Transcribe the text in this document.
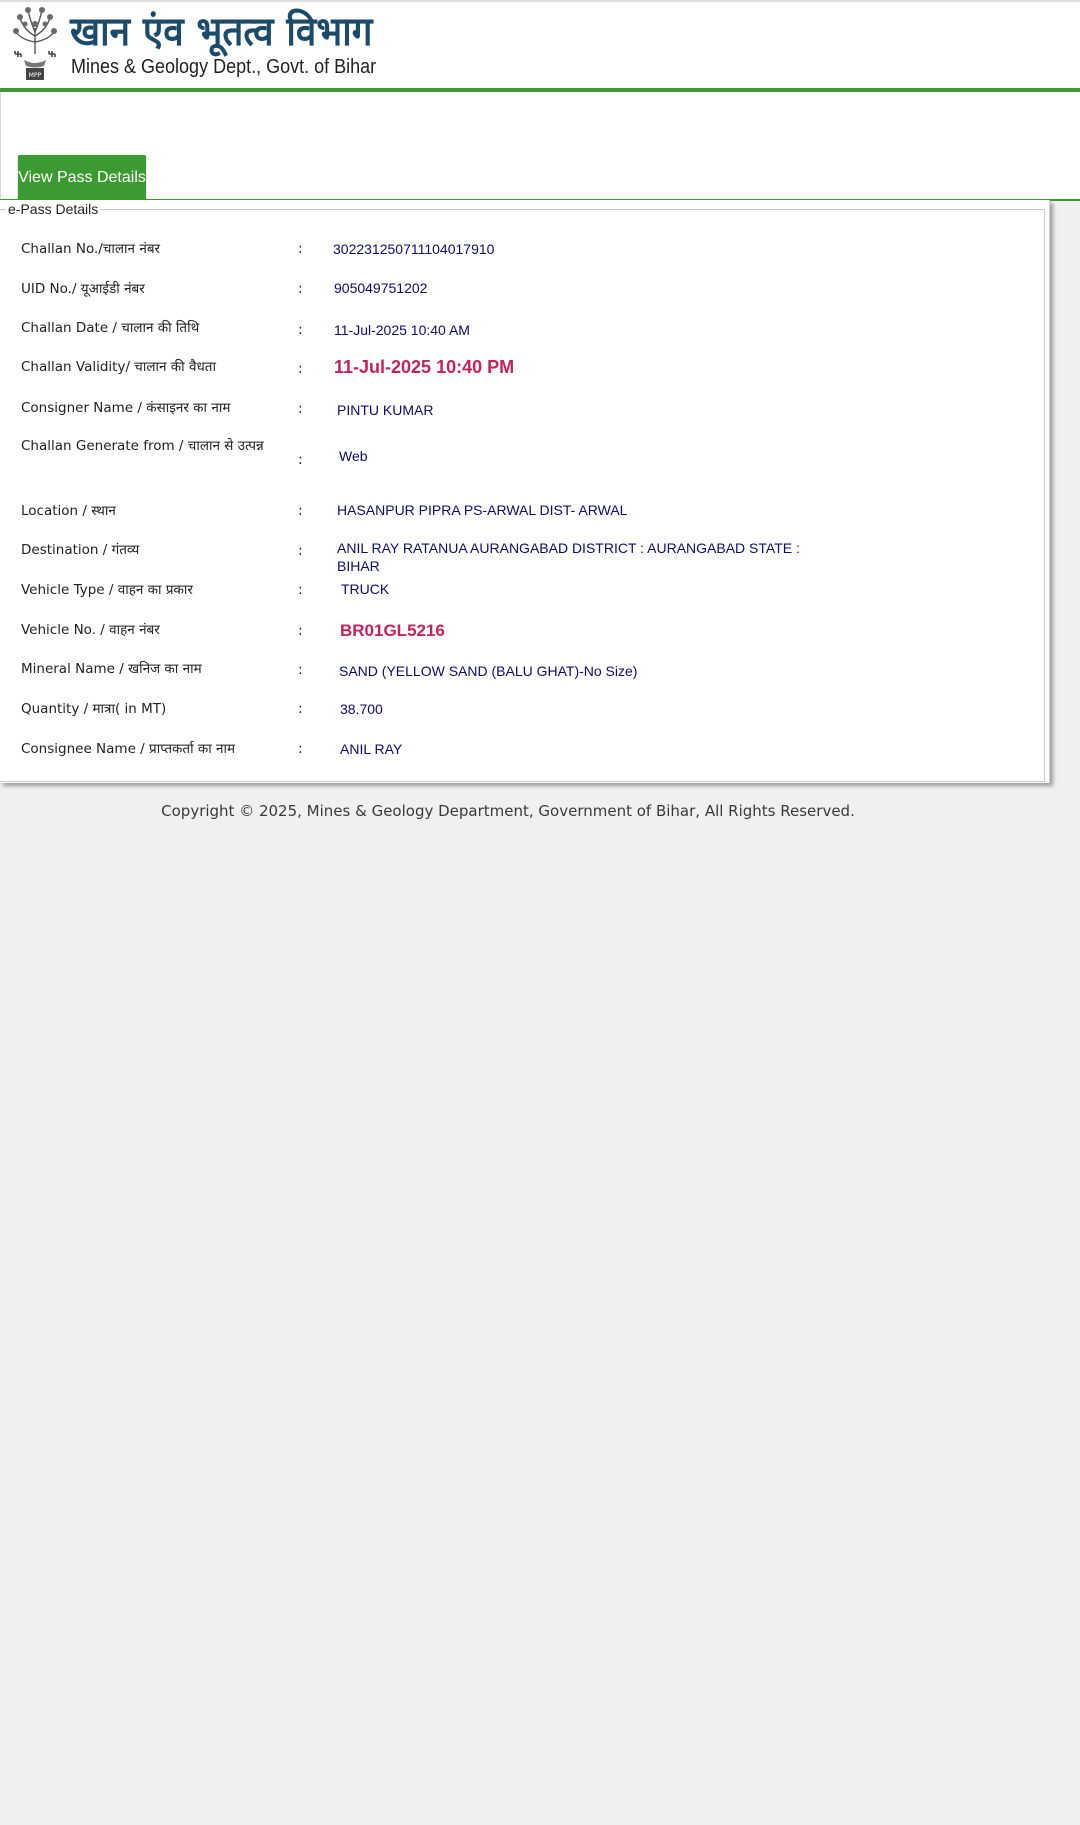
MPP
खान एंव भूतत्व विभाग
Mines & Geology Dept., Govt. of Bihar
View Pass Details
e-Pass Details
Challan No./चालान नंबर	: 302231250711104017910
UID No./ यूआईडी नंबर	: 905049751202
Challan Date / चालान की तिथि	: 11-Jul-2025 10:40 AM
Challan Validity/ चालान की वैधता	: 11-Jul-2025 10:40 PM
Consigner Name / कंसाइनर का नाम	: PINTU KUMAR
Challan Generate from / चालान से उत्पन्न
:	Web
Location / स्थान	: HASANPUR PIPRA PS-ARWAL DIST- ARWAL
Destination / गंतव्य	: ANIL RAY RATANUA AURANGABAD DISTRICT : AURANGABAD STATE : BIHAR
Vehicle Type / वाहन का प्रकार	:	TRUCK
Vehicle No. / वाहन नंबर	: BR01GL5216
Mineral Name / खनिज का नाम	:	SAND (YELLOW SAND (BALU GHAT)-No Size)
Quantity / मात्रा( in MT)	:	38.700
Consignee Name / प्राप्तकर्ता का नाम	:	ANIL RAY
Copyright © 2025, Mines & Geology Department, Government of Bihar, All Rights Reserved.
